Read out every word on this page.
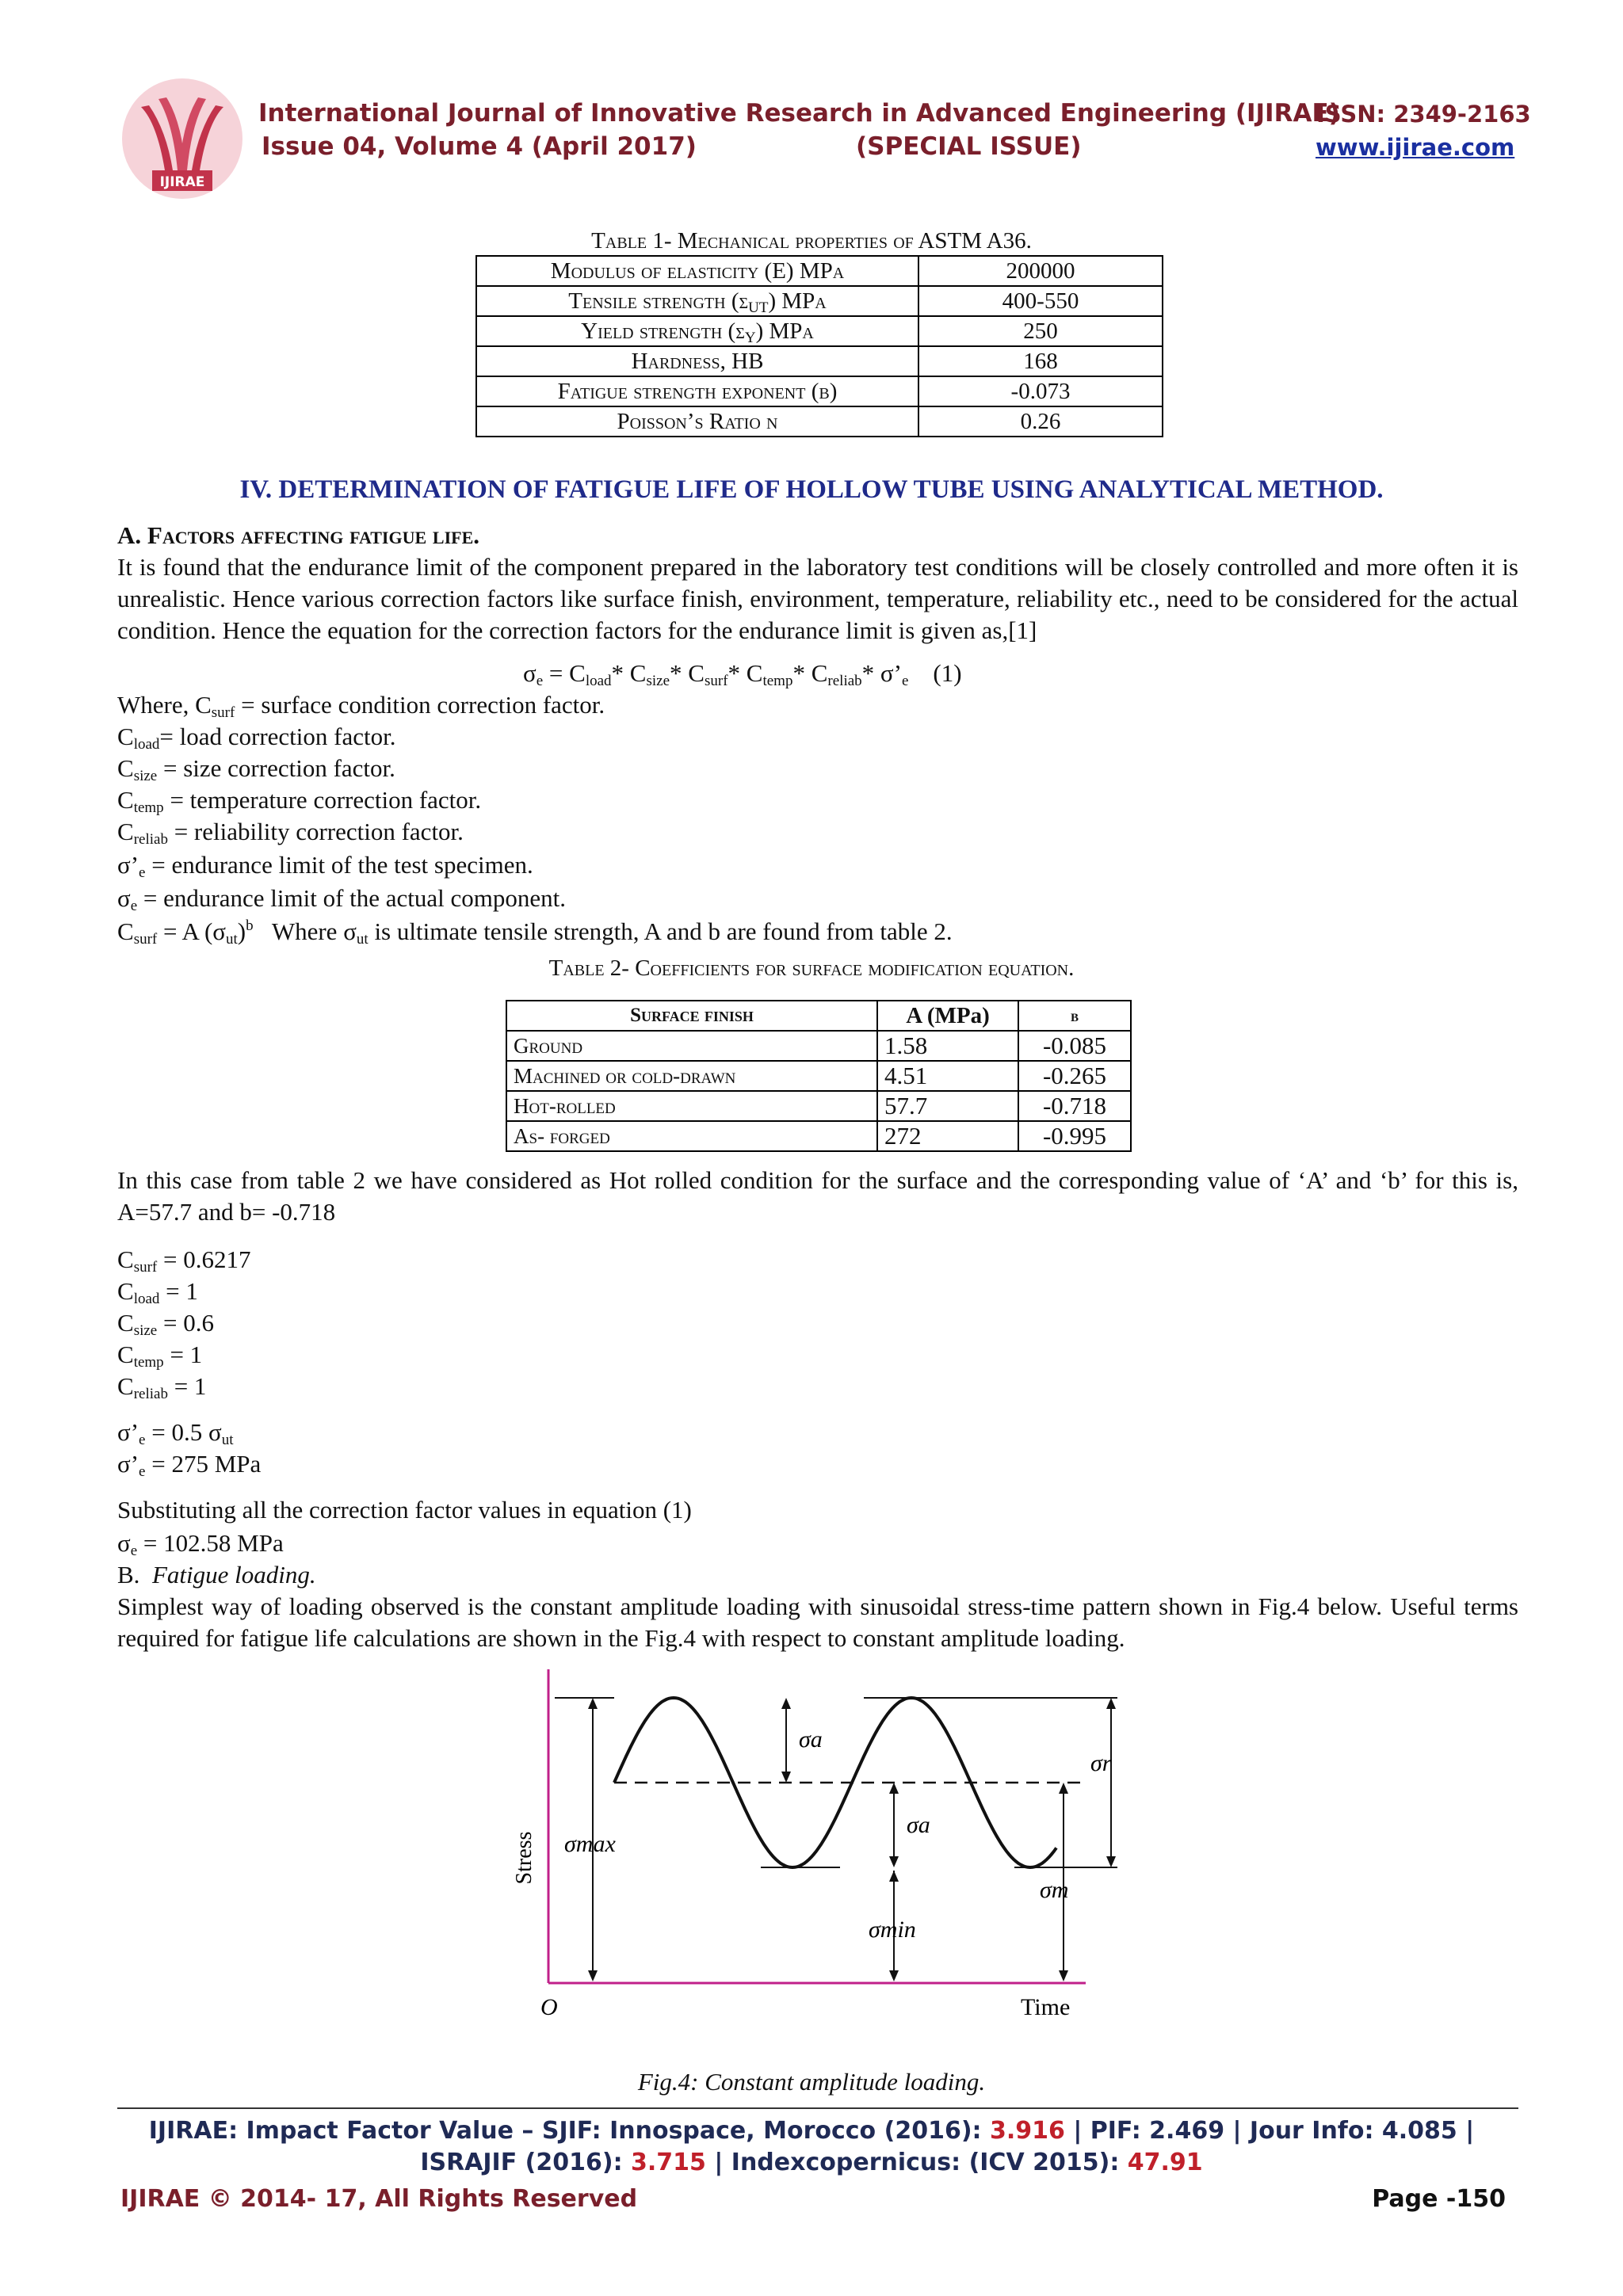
IJIRAE
International Journal of Innovative Research in Advanced Engineering (IJIRAE)
ISSN: 2349-2163
Issue 04, Volume 4 (April 2017)	(SPECIAL ISSUE)	www.ijirae.com
Table 1- Mechanical properties of ASTM A36.
Modulus of elasticity (E) MPa	200000
Tensile strength $(\sigma_{UT})$ MPa	400-550
Yield strength $(\sigma_Y)$ MPa	250
Hardness, HB	168
Fatigue strength exponent (b)	-0.073
Poisson’s Ratio ν	0.26
IV. DETERMINATION OF FATIGUE LIFE OF HOLLOW TUBE USING ANALYTICAL METHOD.
A. Factors affecting fatigue life.
It is found that the endurance limit of the component prepared in the laboratory test conditions will be closely controlled and more often it is unrealistic. Hence various correction factors like surface finish, environment, temperature, reliability etc., need to be considered for the actual condition. Hence the equation for the correction factors for the endurance limit is given as,[1]
$\sigma_e = C_{load}*$ $C_{size}*$ $C_{surf}*$ $C_{temp}*$ $C_{reliab}*$ $\sigma’_e$ (1)
Where, $C_{surf}$ = surface condition correction factor.
$C_{load}=$ load correction factor.
$C_{size}$ = size correction factor.
$C_{temp}$ = temperature correction factor.
$C_{reliab}$ = reliability correction factor.
$\sigma’_e$ = endurance limit of the test specimen.
$\sigma_e$ = endurance limit of the actual component.
$C_{surf} = A$ $(\sigma_{ut})^b$   Where $\sigma_{ut}$ is ultimate tensile strength, A and b are found from table 2.
Table 2- Coefficients for surface modification equation.
Surface finish	A (MPa)	b
Ground	1.58	-0.085
Machined or cold-drawn	4.51	-0.265
Hot-rolled	57.7	-0.718
As- forged	272	-0.995
In this case from table 2 we have considered as Hot rolled condition for the surface and the corresponding value of ‘A’ and ‘b’ for this is, A=57.7 and b= -0.718
$C_{surf} = 0.6217$
$C_{load} = 1$
$C_{size} = 0.6$
$C_{temp} = 1$
$C_{reliab} = 1$
$\sigma’_e = 0.5$ $\sigma_{ut}$
$\sigma’_e = 275$ MPa
Substituting all the correction factor values in equation (1)
$\sigma_e = 102.58$ MPa
B. Fatigue loading.
Simplest way of loading observed is the constant amplitude loading with sinusoidal stress-time pattern shown in Fig.4 below. Useful terms required for fatigue life calculations are shown in the Fig.4 with respect to constant amplitude loading.
Stress
O	Time
σmax
σa
σa
σmin
σr
σm
Fig.4: Constant amplitude loading.
IJIRAE: Impact Factor Value – SJIF: Innospace, Morocco (2016): 3.916 | PIF: 2.469 | Jour Info: 4.085 |
ISRAJIF (2016): 3.715 | Indexcopernicus: (ICV 2015): 47.91
IJIRAE © 2014- 17, All Rights Reserved	Page -150
